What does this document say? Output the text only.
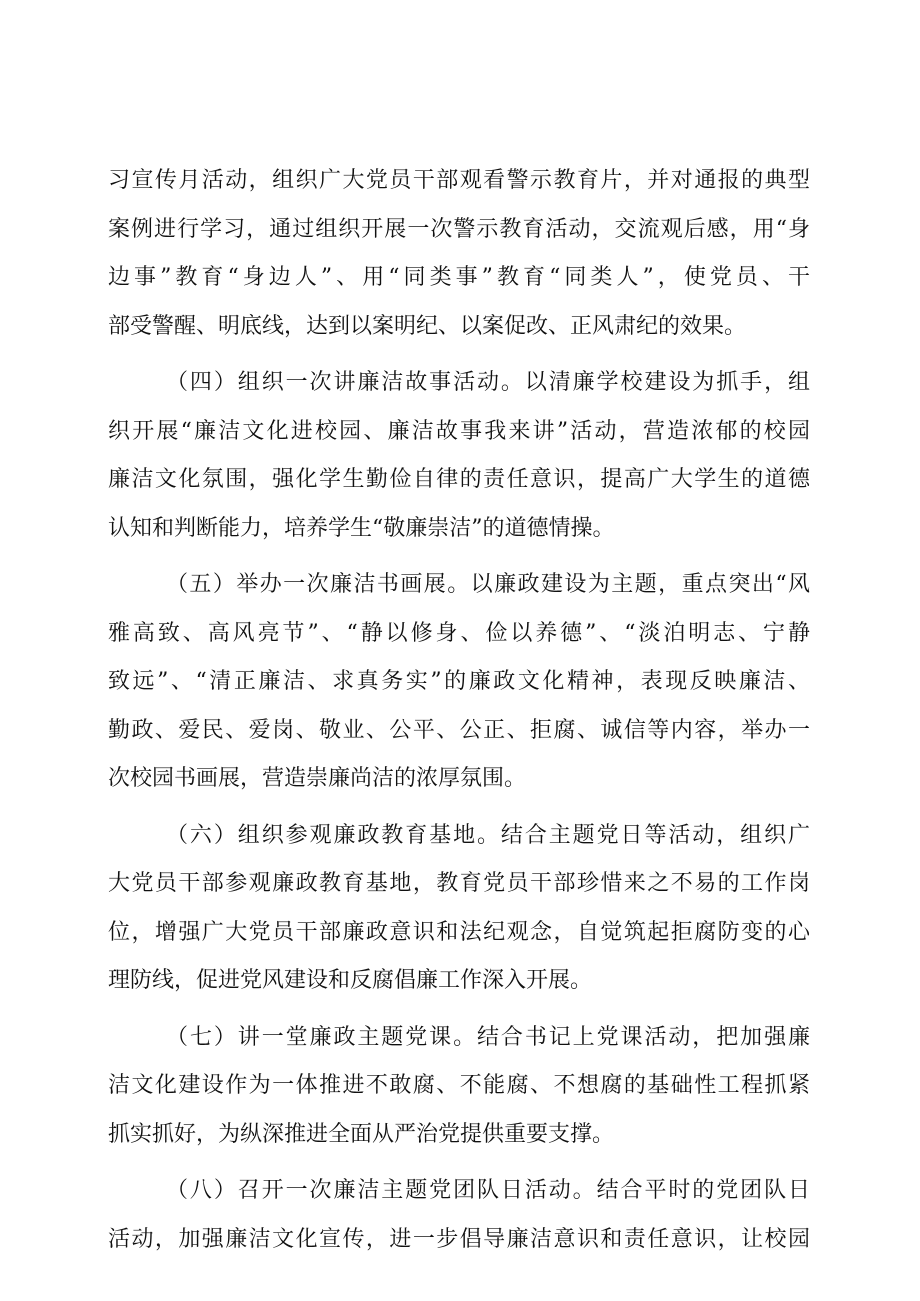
习宣传月活动，组织广大党员干部观看警示教育片，并对通报的典型
案例进行学习，通过组织开展一次警示教育活动，交流观后感，用“身
边事”教育“身边人”、用“同类事”教育“同类人”，使党员、干
部受警醒、明底线，达到以案明纪、以案促改、正风肃纪的效果。
（四）组织一次讲廉洁故事活动。以清廉学校建设为抓手，组
织开展“廉洁文化进校园、廉洁故事我来讲”活动，营造浓郁的校园
廉洁文化氛围，强化学生勤俭自律的责任意识，提高广大学生的道德
认知和判断能力，培养学生“敬廉崇洁”的道德情操。
（五）举办一次廉洁书画展。以廉政建设为主题，重点突出“风
雅高致、高风亮节”、“静以修身、俭以养德”、“淡泊明志、宁静
致远”、“清正廉洁、求真务实”的廉政文化精神，表现反映廉洁、
勤政、爱民、爱岗、敬业、公平、公正、拒腐、诚信等内容，举办一
次校园书画展，营造崇廉尚洁的浓厚氛围。
（六）组织参观廉政教育基地。结合主题党日等活动，组织广
大党员干部参观廉政教育基地，教育党员干部珍惜来之不易的工作岗
位，增强广大党员干部廉政意识和法纪观念，自觉筑起拒腐防变的心
理防线，促进党风建设和反腐倡廉工作深入开展。
（七）讲一堂廉政主题党课。结合书记上党课活动，把加强廉
洁文化建设作为一体推进不敢腐、不能腐、不想腐的基础性工程抓紧
抓实抓好，为纵深推进全面从严治党提供重要支撑。
（八）召开一次廉洁主题党团队日活动。结合平时的党团队日
活动，加强廉洁文化宣传，进一步倡导廉洁意识和责任意识，让校园
